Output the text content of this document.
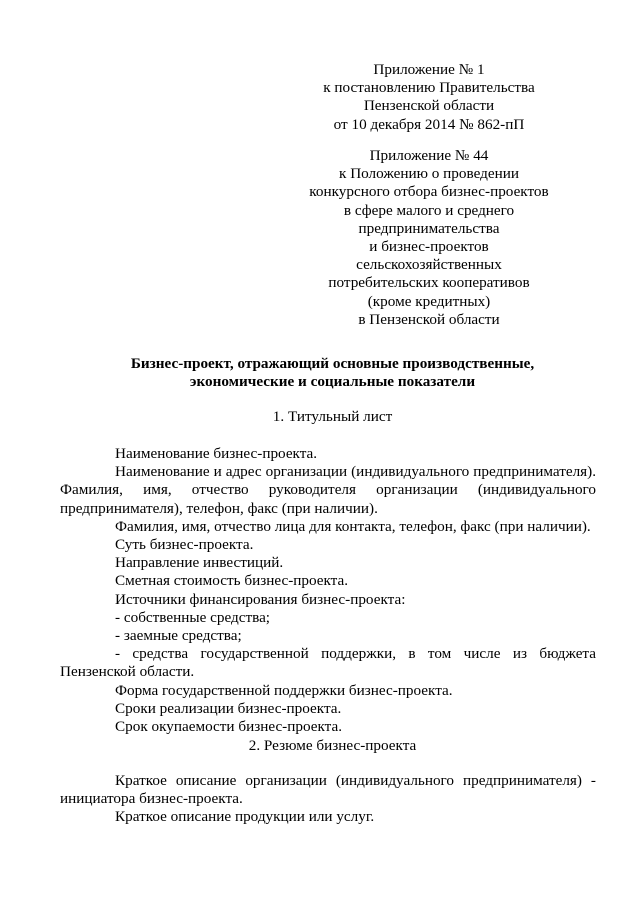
Приложение № 1
к постановлению Правительства
Пензенской области
от 10 декабря 2014 № 862-пП
Приложение № 44
к Положению о проведении
конкурсного отбора бизнес-проектов
в сфере малого и среднего
предпринимательства
и бизнес-проектов
сельскохозяйственных
потребительских кооперативов
(кроме кредитных)
в Пензенской области
Бизнес-проект, отражающий основные производственные,
экономические и социальные показатели
1. Титульный лист

Наименование бизнес-проекта.

Наименование и адрес организации (индивидуального предпринимателя). Фамилия, имя, отчество руководителя организации (индивидуального предпринимателя), телефон, факс (при наличии).

Фамилия, имя, отчество лица для контакта, телефон, факс (при наличии).

Суть бизнес-проекта.

Направление инвестиций.

Сметная стоимость бизнес-проекта.

Источники финансирования бизнес-проекта:

- собственные средства;

- заемные средства;

- средства государственной поддержки, в том числе из бюджета Пензенской области.

Форма государственной поддержки бизнес-проекта.

Сроки реализации бизнес-проекта.

Срок окупаемости бизнес-проекта.

2. Резюме бизнес-проекта

Краткое описание организации (индивидуального предпринимателя) - инициатора бизнес-проекта.

Краткое описание продукции или услуг.
